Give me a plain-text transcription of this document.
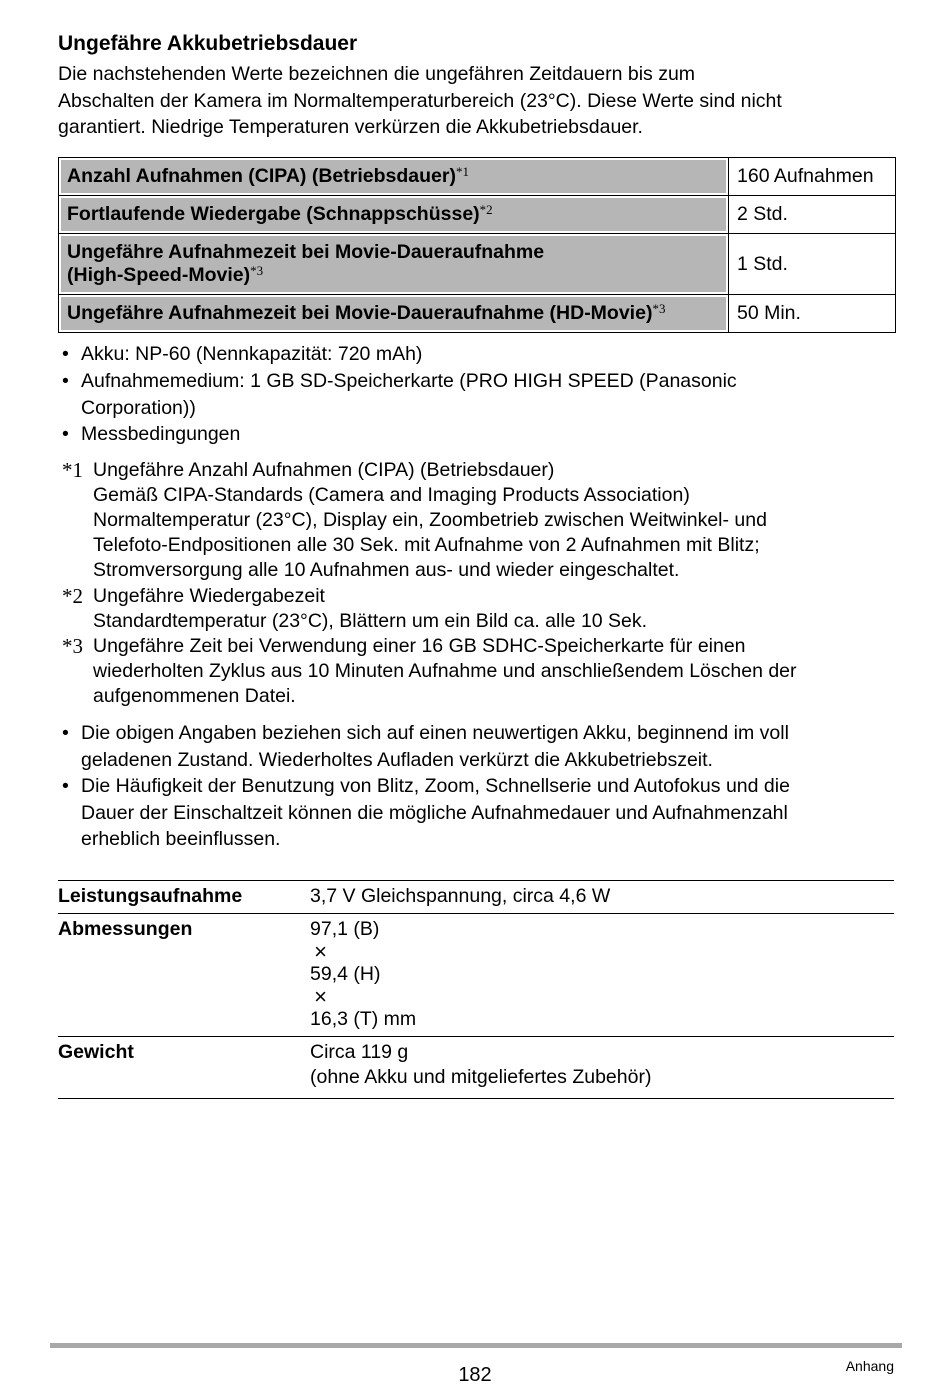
Ungefähre Akkubetriebsdauer

Die nachstehenden Werte bezeichnen die ungefähren Zeitdauern bis zum
Abschalten der Kamera im Normaltemperaturbereich (23°C). Diese Werte sind nicht
garantiert. Niedrige Temperaturen verkürzen die Akkubetriebsdauer.

Anzahl Aufnahmen (CIPA) (Betriebsdauer)$^{*1}$	160 Aufnahmen
Fortlaufende Wiedergabe (Schnappschüsse)$^{*2}$	2 Std.
Ungefähre Aufnahmezeit bei Movie-Daueraufnahme
(High-Speed-Movie)$^{*3}$	1 Std.
Ungefähre Aufnahmezeit bei Movie-Daueraufnahme (HD-Movie)$^{*3}$	50 Min.
• Akku: NP-60 (Nennkapazität: 720 mAh)
• Aufnahmemedium: 1 GB SD-Speicherkarte (PRO HIGH SPEED (Panasonic
Corporation))
• Messbedingungen
*1 Ungefähre Anzahl Aufnahmen (CIPA) (Betriebsdauer)
Gemäß CIPA-Standards (Camera and Imaging Products Association)
Normaltemperatur (23°C), Display ein, Zoombetrieb zwischen Weitwinkel- und
Telefoto-Endpositionen alle 30 Sek. mit Aufnahme von 2 Aufnahmen mit Blitz;
Stromversorgung alle 10 Aufnahmen aus- und wieder eingeschaltet.
*2 Ungefähre Wiedergabezeit
Standardtemperatur (23°C), Blättern um ein Bild ca. alle 10 Sek.
*3 Ungefähre Zeit bei Verwendung einer 16 GB SDHC-Speicherkarte für einen
wiederholten Zyklus aus 10 Minuten Aufnahme und anschließendem Löschen der
aufgenommenen Datei.
• Die obigen Angaben beziehen sich auf einen neuwertigen Akku, beginnend im voll
geladenen Zustand. Wiederholtes Aufladen verkürzt die Akkubetriebszeit.
• Die Häufigkeit der Benutzung von Blitz, Zoom, Schnellserie und Autofokus und die
Dauer der Einschaltzeit können die mögliche Aufnahmedauer und Aufnahmenzahl
erheblich beeinflussen.
Leistungsaufnahme	3,7 V Gleichspannung, circa 4,6 W
Abmessungen	97,1 (B)
×
59,4 (H)
×
16,3 (T) mm
Gewicht	Circa 119 g
(ohne Akku und mitgeliefertes Zubehör)
182	Anhang
